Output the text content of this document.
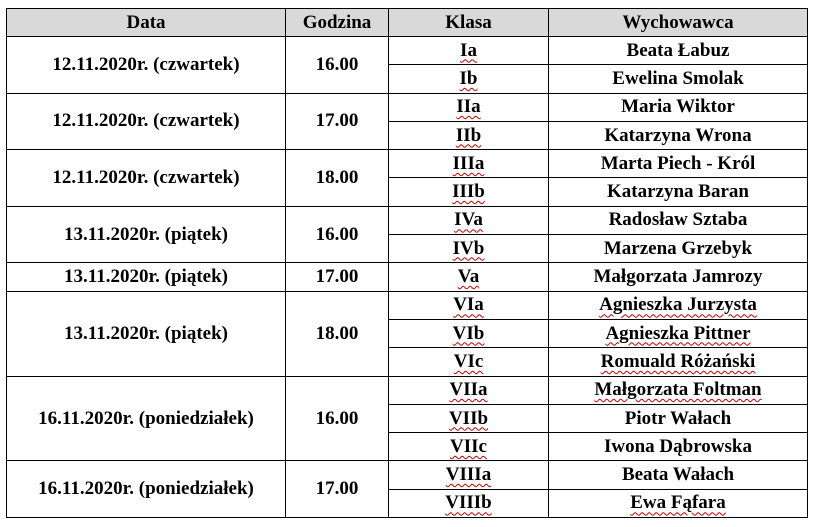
Data	Godzina	Klasa	Wychowawca
12.11.2020r. (czwartek)	16.00	Ia	Beata Łabuz
		Ib	Ewelina Smolak
12.11.2020r. (czwartek)	17.00	IIa	Maria Wiktor
		IIb	Katarzyna Wrona
12.11.2020r. (czwartek)	18.00	IIIa	Marta Piech - Król
		IIIb	Katarzyna Baran
13.11.2020r. (piątek)	16.00	IVa	Radosław Sztaba
		IVb	Marzena Grzebyk
13.11.2020r. (piątek)	17.00	Va	Małgorzata Jamrozy
13.11.2020r. (piątek)	18.00	VIa	Agnieszka Jurzysta
		VIb	Agnieszka Pittner
		VIc	Romuald Różański
16.11.2020r. (poniedziałek)	16.00	VIIa	Małgorzata Foltman
		VIIb	Piotr Wałach
		VIIc	Iwona Dąbrowska
16.11.2020r. (poniedziałek)	17.00	VIIIa	Beata Wałach
		VIIIb	Ewa Fąfara
